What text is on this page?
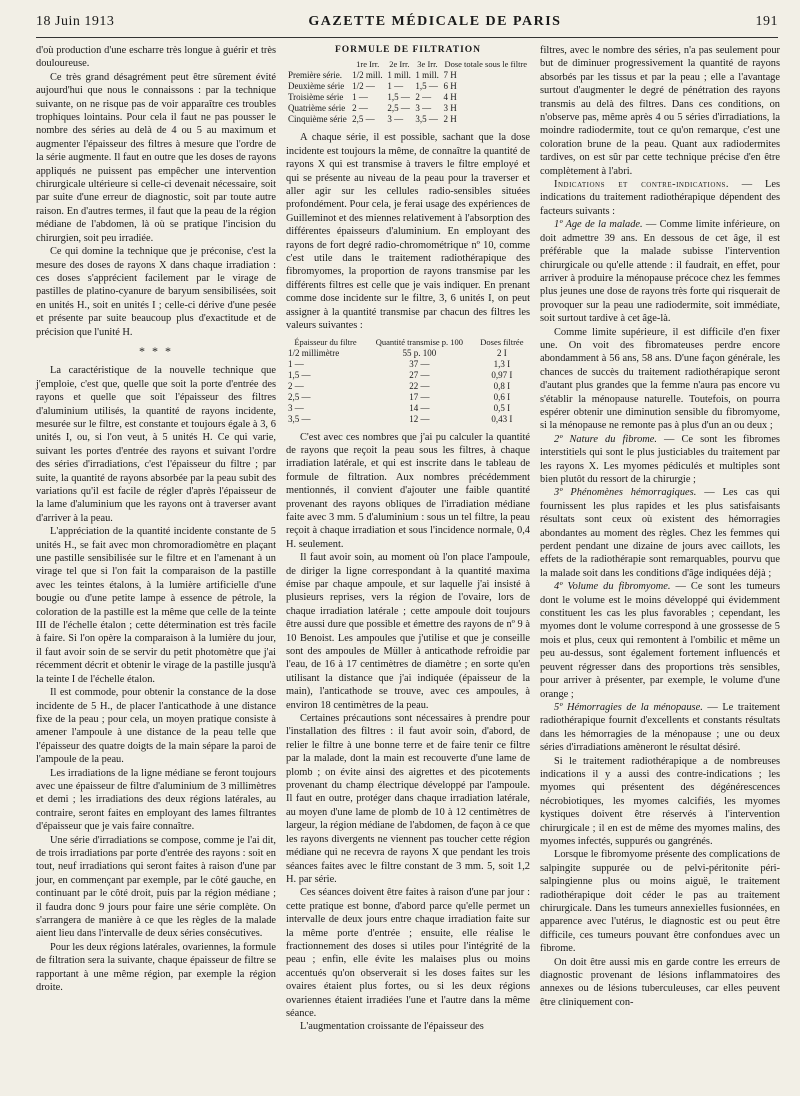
18 Juin 1913	GAZETTE MÉDICALE DE PARIS	191

d'où production d'une escharre très longue à guérir et très douloureuse.

Ce très grand désagrément peut être sûrement évité aujourd'hui que nous le connaissons : par la technique suivante, on ne risque pas de voir apparaître ces troubles trophiques lointains. Pour cela il faut ne pas pousser le nombre des séries au delà de 4 ou 5 au maximum et augmenter l'épaisseur des filtres à mesure que l'ordre de la série augmente. Il faut en outre que les doses de rayons appliqués ne puissent pas empêcher une intervention chirurgicale ultérieure si celle-ci devenait nécessaire, soit par suite d'une erreur de diagnostic, soit par toute autre raison. En d'autres termes, il faut que la peau de la région médiane de l'abdomen, là où se pratique l'incision du chirurgien, soit peu irradiée.

Ce qui domine la technique que je préconise, c'est la mesure des doses de rayons X dans chaque irradiation : ces doses s'apprécient facilement par le virage de pastilles de platino-cyanure de baryum sensibilisées, soit en unités H., soit en unités I ; celle-ci dérive d'une pesée et présente par suite beaucoup plus d'exactitude et de précision que l'unité H.

* * *

La caractéristique de la nouvelle technique que j'emploie, c'est que, quelle que soit la porte d'entrée des rayons et quelle que soit l'épaisseur des filtres d'aluminium utilisés, la quantité de rayons incidente, mesurée sur le filtre, est constante et toujours égale à 3, 6 unités I, ou, si l'on veut, à 5 unités H. Ce qui varie, suivant les portes d'entrée des rayons et suivant l'ordre des séries d'irradiations, c'est l'épaisseur du filtre ; par suite, la quantité de rayons absorbée par la peau subit des variations qu'il est facile de régler d'après l'épaisseur de la lame d'aluminium que les rayons ont à traverser avant d'arriver à la peau.

L'appréciation de la quantité incidente constante de 5 unités H., se fait avec mon chromoradiomètre en plaçant une pastille sensibilisée sur le filtre et en l'amenant à un virage tel que si l'on fait la comparaison de la pastille avec les teintes étalons, à la lumière artificielle d'une bougie ou d'une petite lampe à essence de pétrole, la coloration de la pastille est la même que celle de la teinte III de l'échelle étalon ; cette détermination est très facile à faire. Si l'on opère la comparaison à la lumière du jour, il faut avoir soin de se servir du petit photomètre que j'ai récemment décrit et obtenir le virage de la pastille jusqu'à la teinte I de l'échelle étalon.

Il est commode, pour obtenir la constance de la dose incidente de 5 H., de placer l'anticathode à une distance fixe de la peau ; pour cela, un moyen pratique consiste à amener l'ampoule à une distance de la peau telle que l'épaisseur des quatre doigts de la main sépare la paroi de l'ampoule de la peau.

Les irradiations de la ligne médiane se feront toujours avec une épaisseur de filtre d'aluminium de 3 millimètres et demi ; les irradiations des deux régions latérales, au contraire, seront faites en employant des lames filtrantes d'épaisseur que je vais faire connaître.

Une série d'irradiations se compose, comme je l'ai dit, de trois irradiations par porte d'entrée des rayons : soit en tout, neuf irradiations qui seront faites à raison d'une par jour, en commençant par exemple, par le côté gauche, en continuant par le côté droit, puis par la région médiane ; il faudra donc 9 jours pour faire une série complète. On s'arrangera de manière à ce que les règles de la malade aient lieu dans l'intervalle de deux séries consécutives.

Pour les deux régions latérales, ovariennes, la formule de filtration sera la suivante, chaque épaisseur de filtre se rapportant à une même région, par exemple la région droite.

FORMULE DE FILTRATION
	1re Irr.	2e Irr.	3e Irr.	Dose totale sous le filtre
Première série.	1/2 mill.	1 mill.	1 mill.	7 H
Deuxième série	1/2 —	1 —	1,5 —	6 H
Troisième série	1 —	1,5 —	2 —	4 H
Quatrième série	2 —	2,5 —	3 —	3 H
Cinquième série	2,5 —	3 —	3,5 —	2 H

A chaque série, il est possible, sachant que la dose incidente est toujours la même, de connaître la quantité de rayons X qui est transmise à travers le filtre employé et qui se présente au niveau de la peau pour la traverser et aller agir sur les cellules radio-sensibles situées profondément. Pour cela, je ferai usage des expériences de Guilleminot et des miennes relativement à l'absorption des différentes épaisseurs d'aluminium. En employant des rayons de fort degré radio-chromométrique nº 10, comme c'est utile dans le traitement radiothérapique des fibromyomes, la proportion de rayons transmise par les différents filtres est celle que je vais indiquer. En prenant comme dose incidente sur le filtre, 3, 6 unités I, on peut assigner à la quantité transmise par chacun des filtres les valeurs suivantes :

Épaisseur du filtre	Quantité transmise p. 100	Doses filtrée
1/2 millimètre	55 p. 100	2 I
1 —	37 —	1,3 I
1,5 —	27 —	0,97 I
2 —	22 —	0,8 I
2,5 —	17 —	0,6 I
3 —	14 —	0,5 I
3,5 —	12 —	0,43 I

C'est avec ces nombres que j'ai pu calculer la quantité de rayons que reçoit la peau sous les filtres, à chaque irradiation latérale, et qui est inscrite dans le tableau de formule de filtration. Aux nombres précédemment mentionnés, il convient d'ajouter une faible quantité provenant des rayons obliques de l'irradiation médiane faite avec 3 mm. 5 d'aluminium : sous un tel filtre, la peau reçoit à chaque irradiation et sous l'incidence normale, 0,4 H. seulement.

Il faut avoir soin, au moment où l'on place l'ampoule, de diriger la ligne correspondant à la quantité maxima émise par chaque ampoule, et sur laquelle j'ai insisté à plusieurs reprises, vers la région de l'ovaire, lors de chaque irradiation latérale ; cette ampoule doit toujours être aussi dure que possible et émettre des rayons de nº 9 à 10 Benoist. Les ampoules que j'utilise et que je conseille sont des ampoules de Müller à anticathode refroidie par l'eau, de 16 à 17 centimètres de diamètre ; en sorte qu'en utilisant la distance que j'ai indiquée (épaisseur de la main), l'anticathode se trouve, avec ces ampoules, à environ 18 centimètres de la peau.

Certaines précautions sont nécessaires à prendre pour l'installation des filtres : il faut avoir soin, d'abord, de relier le filtre à une bonne terre et de faire tenir ce filtre par la malade, dont la main est recouverte d'une lame de plomb ; on évite ainsi des aigrettes et des picotements provenant du champ électrique développé par l'ampoule. Il faut en outre, protéger dans chaque irradiation latérale, au moyen d'une lame de plomb de 10 à 12 centimètres de largeur, la région médiane de l'abdomen, de façon à ce que les rayons divergents ne viennent pas toucher cette région médiane qui ne recevra de rayons X que pendant les trois séances faites avec le filtre constant de 3 mm. 5, soit 1,2 H. par série.

Ces séances doivent être faites à raison d'une par jour : cette pratique est bonne, d'abord parce qu'elle permet un intervalle de deux jours entre chaque irradiation faite sur la même porte d'entrée ; ensuite, elle réalise le fractionnement des doses si utiles pour l'intégrité de la peau ; enfin, elle évite les malaises plus ou moins accentués qu'on observerait si les doses faites sur les ovaires étaient plus fortes, ou si les deux régions ovariennes étaient irradiées l'une et l'autre dans la même séance.

L'augmentation croissante de l'épaisseur des

filtres, avec le nombre des séries, n'a pas seulement pour but de diminuer progressivement la quantité de rayons absorbés par les tissus et par la peau ; elle a l'avantage surtout d'augmenter le degré de pénétration des rayons transmis au delà des filtres. Dans ces conditions, on n'observe pas, même après 4 ou 5 séries d'irradiations, la moindre radiodermite, tout ce qu'on remarque, c'est une coloration brune de la peau. Quant aux radiodermites tardives, on est sûr par cette technique précise d'en être complètement à l'abri.

Indications et contre-indications. — Les indications du traitement radiothérapique dépendent des facteurs suivants :

1º Age de la malade. — Comme limite inférieure, on doit admettre 39 ans. En dessous de cet âge, il est préférable que la malade subisse l'intervention chirurgicale ou qu'elle attende : il faudrait, en effet, pour arriver à produire la ménopause précoce chez les femmes plus jeunes une dose de rayons très forte qui risquerait de provoquer sur la peau une radiodermite, soit immédiate, soit surtout tardive à cet âge-là.

Comme limite supérieure, il est difficile d'en fixer une. On voit des fibromateuses perdre encore abondamment à 56 ans, 58 ans. D'une façon générale, les chances de succès du traitement radiothérapique seront d'autant plus grandes que la femme n'aura pas encore vu s'établir la ménopause naturelle. Toutefois, on pourra espérer obtenir une diminution sensible du fibromyome, si la ménopause ne remonte pas à plus d'un an ou deux ;

2º Nature du fibrome. — Ce sont les fibromes interstitiels qui sont le plus justiciables du traitement par les rayons X. Les myomes pédiculés et multiples sont bien plutôt du ressort de la chirurgie ;

3º Phénomènes hémorragiques. — Les cas qui fournissent les plus rapides et les plus satisfaisants résultats sont ceux où existent des hémorragies abondantes au moment des règles. Chez les femmes qui perdent pendant une dizaine de jours avec caillots, les effets de la radiothérapie sont remarquables, pourvu que la malade soit dans les conditions d'âge indiquées déjà ;

4º Volume du fibromyome. — Ce sont les tumeurs dont le volume est le moins développé qui évidemment constituent les cas les plus favorables ; cependant, les myomes dont le volume correspond à une grossesse de 5 mois et plus, ceux qui remontent à l'ombilic et même un peu au-dessus, sont également fortement influencés et peuvent régresser dans des proportions très sensibles, pour arriver à présenter, par exemple, le volume d'une orange ;

5º Hémorragies de la ménopause. — Le traitement radiothérapique fournit d'excellents et constants résultats dans les hémorragies de la ménopause ; une ou deux séries d'irradiations amèneront le résultat désiré.

Si le traitement radiothérapique a de nombreuses indications il y a aussi des contre-indications ; les myomes qui présentent des dégénérescences nécrobiotiques, les myomes calcifiés, les myomes kystiques doivent être réservés à l'intervention chirurgicale ; il en est de même des myomes malins, des myomes infectés, suppurés ou gangrénés.

Lorsque le fibromyome présente des complications de salpingite suppurée ou de pelvi-péritonite péri-salpingienne plus ou moins aiguë, le traitement radiothérapique doit céder le pas au traitement chirurgicale. Dans les tumeurs annexielles fusionnées, en apparence avec l'utérus, le diagnostic est ou peut être difficile, ces tumeurs pouvant être confondues avec un fibrome.

On doit être aussi mis en garde contre les erreurs de diagnostic provenant de lésions inflammatoires des annexes ou de lésions tuberculeuses, car elles peuvent être cliniquement con-
